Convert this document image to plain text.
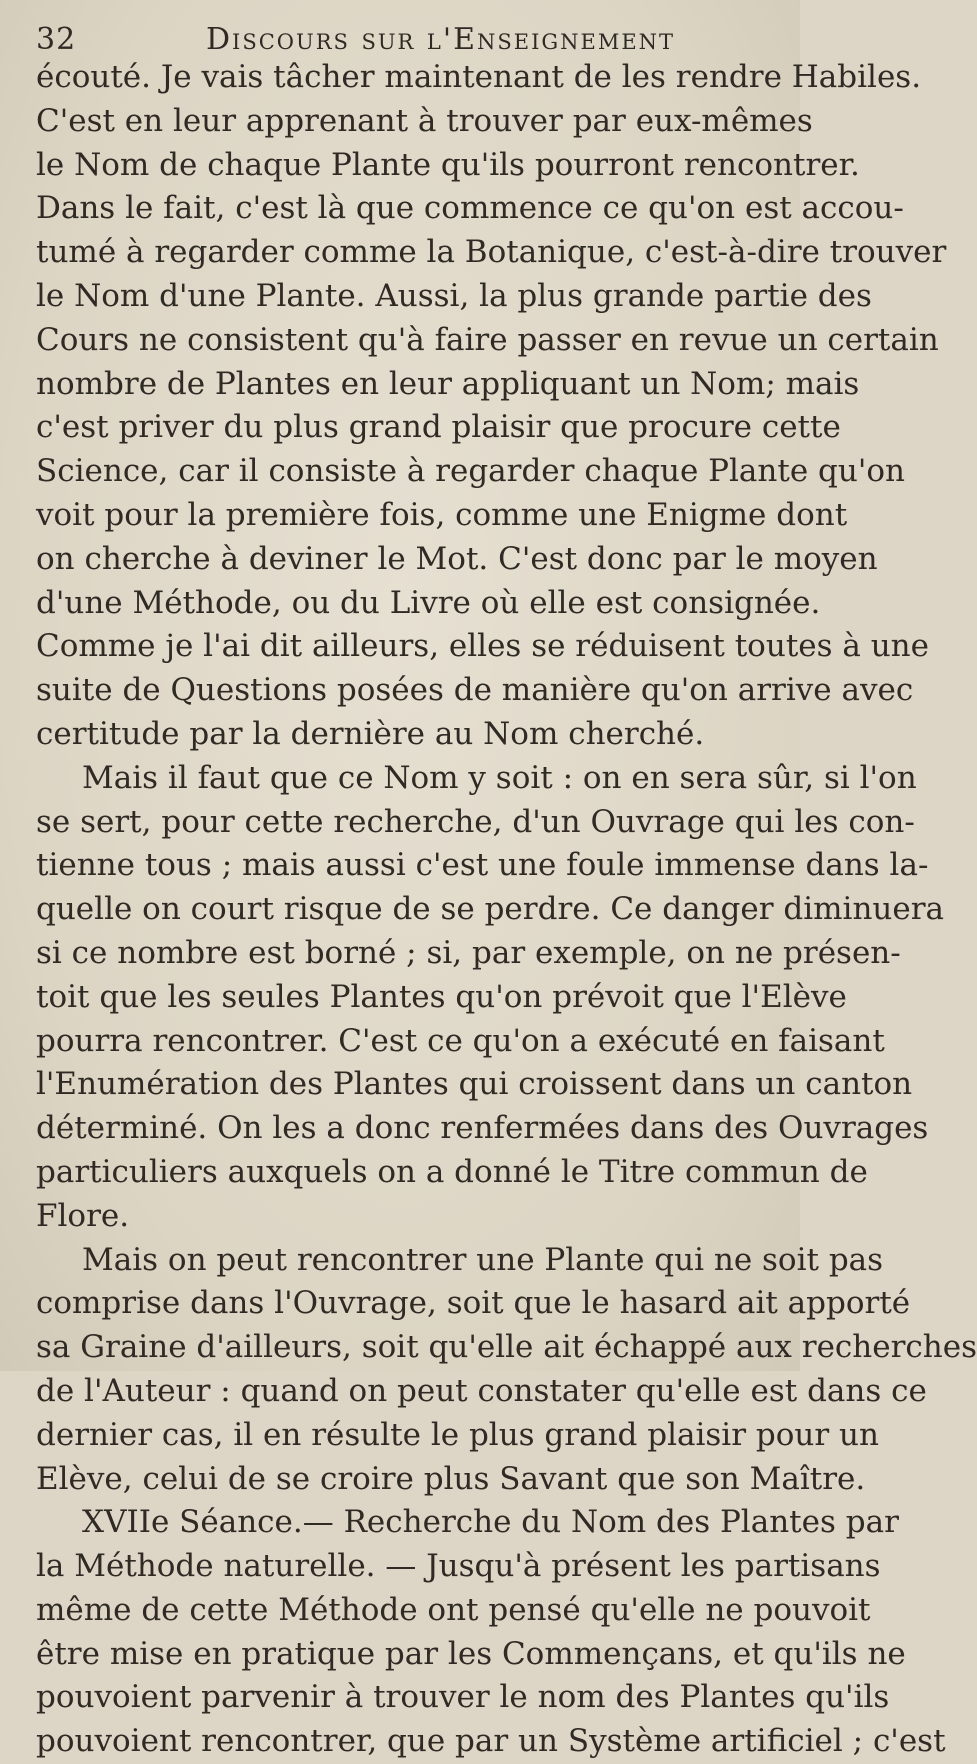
32	Discours sur l'Enseignement
écouté. Je vais tâcher maintenant de les rendre Habiles.
C'est en leur apprenant à trouver par eux-mêmes
le Nom de chaque Plante qu'ils pourront rencontrer.
Dans le fait, c'est là que commence ce qu'on est accou-
tumé à regarder comme la Botanique, c'est-à-dire trouver
le Nom d'une Plante. Aussi, la plus grande partie des
Cours ne consistent qu'à faire passer en revue un certain
nombre de Plantes en leur appliquant un Nom; mais
c'est priver du plus grand plaisir que procure cette
Science, car il consiste à regarder chaque Plante qu'on
voit pour la première fois, comme une Enigme dont
on cherche à deviner le Mot. C'est donc par le moyen
d'une Méthode, ou du Livre où elle est consignée.
Comme je l'ai dit ailleurs, elles se réduisent toutes à une
suite de Questions posées de manière qu'on arrive avec
certitude par la dernière au Nom cherché.
Mais il faut que ce Nom y soit : on en sera sûr, si l'on
se sert, pour cette recherche, d'un Ouvrage qui les con-
tienne tous ; mais aussi c'est une foule immense dans la-
quelle on court risque de se perdre. Ce danger diminuera
si ce nombre est borné ; si, par exemple, on ne présen-
toit que les seules Plantes qu'on prévoit que l'Elève
pourra rencontrer. C'est ce qu'on a exécuté en faisant
l'Enumération des Plantes qui croissent dans un canton
déterminé. On les a donc renfermées dans des Ouvrages
particuliers auxquels on a donné le Titre commun de
Flore.
Mais on peut rencontrer une Plante qui ne soit pas
comprise dans l'Ouvrage, soit que le hasard ait apporté
sa Graine d'ailleurs, soit qu'elle ait échappé aux recherches
de l'Auteur : quand on peut constater qu'elle est dans ce
dernier cas, il en résulte le plus grand plaisir pour un
Elève, celui de se croire plus Savant que son Maître.
XVIIe Séance.— Recherche du Nom des Plantes par
la Méthode naturelle. — Jusqu'à présent les partisans
même de cette Méthode ont pensé qu'elle ne pouvoit
être mise en pratique par les Commençans, et qu'ils ne
pouvoient parvenir à trouver le nom des Plantes qu'ils
pouvoient rencontrer, que par un Système artificiel ; c'est
